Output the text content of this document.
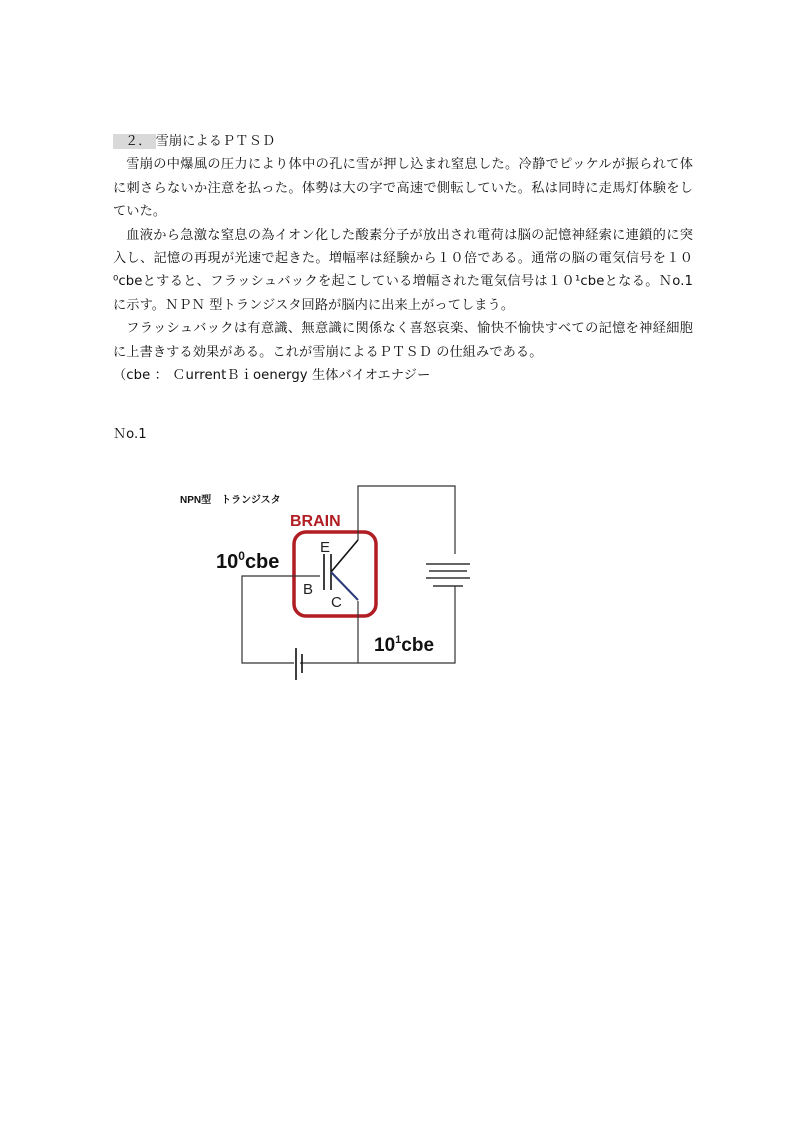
２． 雪崩によるＰＴＳＤ

雪崩の中爆風の圧力により体中の孔に雪が押し込まれ窒息した。冷静でピッケルが振られて体に刺さらないか注意を払った。体勢は大の字で高速で側転していた。私は同時に走馬灯体験をしていた。

血液から急激な窒息の為イオン化した酸素分子が放出され電荷は脳の記憶神経索に連鎖的に突入し、記憶の再現が光速で起きた。増幅率は経験から１０倍である。通常の脳の電気信号を１０⁰cbeとすると、フラッシュバックを起こしている増幅された電気信号は１０¹cbeとなる。Ｎo.1に示す。ＮＰＮ 型トランジスタ回路が脳内に出来上がってしまう。

フラッシュバックは有意識、無意識に関係なく喜怒哀楽、愉快不愉快すべての記憶を神経細胞に上書きする効果がある。これが雪崩によるＰＴＳＤ の仕組みである。

（cbe ： ＣurrentＢｉoenergy 生体バイオエナジー

Ｎo.1
NPN型　トランジスタ
BRAIN
E
B
C
$10^0cbe$
$10^1cbe$
